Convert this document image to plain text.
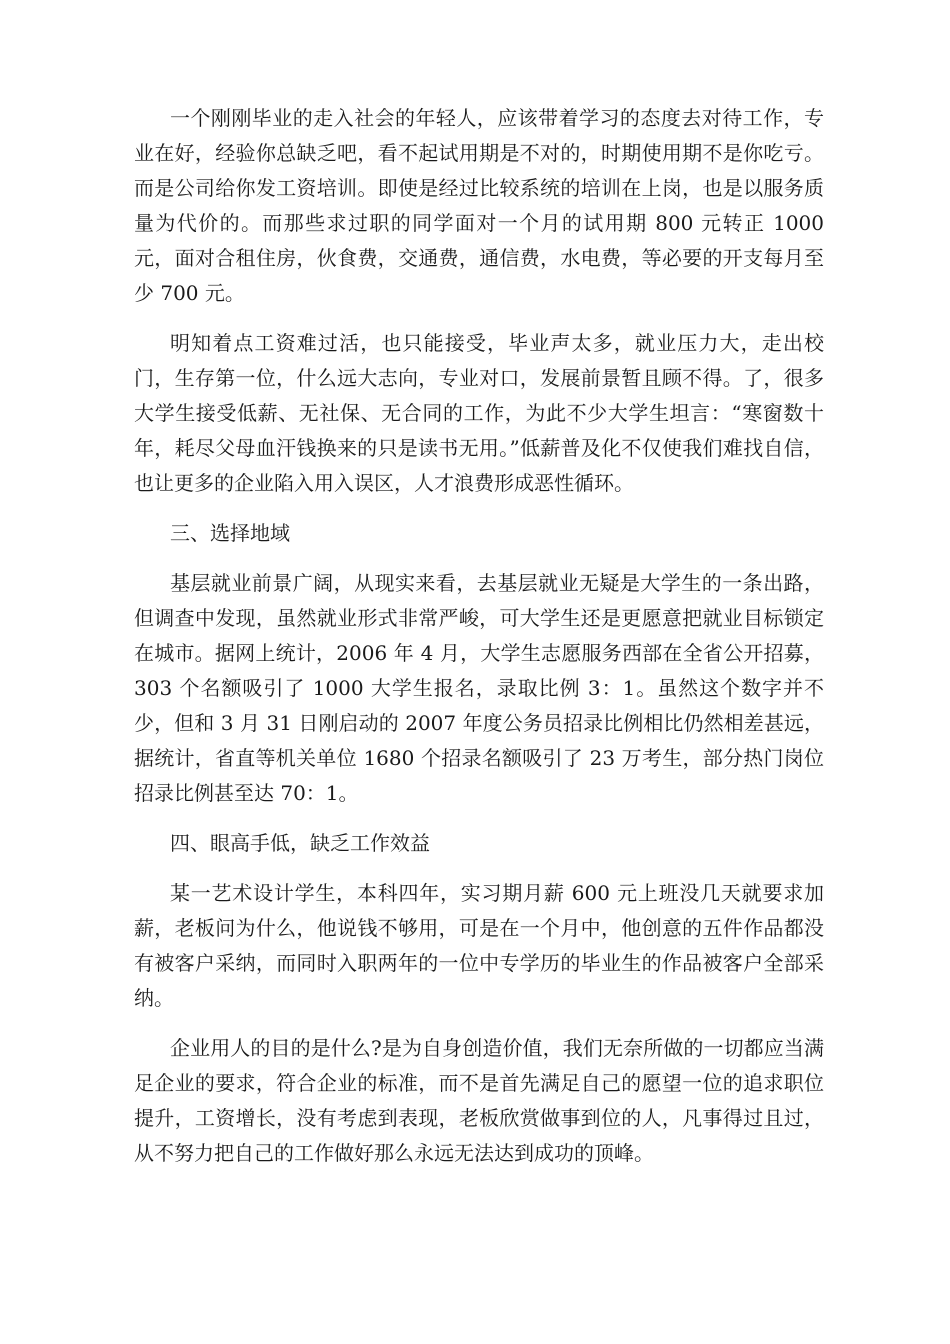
一个刚刚毕业的走入社会的年轻人，应该带着学习的态度去对待工作，专业在好，经验你总缺乏吧，看不起试用期是不对的，时期使用期不是你吃亏。而是公司给你发工资培训。即使是经过比较系统的培训在上岗，也是以服务质量为代价的。而那些求过职的同学面对一个月的试用期 800 元转正 1000 元，面对合租住房，伙食费，交通费，通信费，水电费，等必要的开支每月至少 700 元。

明知着点工资难过活，也只能接受，毕业声太多，就业压力大，走出校门，生存第一位，什么远大志向，专业对口，发展前景暂且顾不得。了，很多大学生接受低薪、无社保、无合同的工作，为此不少大学生坦言：“寒窗数十年，耗尽父母血汗钱换来的只是读书无用。”低薪普及化不仅使我们难找自信，也让更多的企业陷入用入误区，人才浪费形成恶性循环。

三、选择地域

基层就业前景广阔，从现实来看，去基层就业无疑是大学生的一条出路，但调查中发现，虽然就业形式非常严峻，可大学生还是更愿意把就业目标锁定在城市。据网上统计，2006 年 4 月，大学生志愿服务西部在全省公开招募，303 个名额吸引了 1000 大学生报名，录取比例 3：1。虽然这个数字并不少，但和 3 月 31 日刚启动的 2007 年度公务员招录比例相比仍然相差甚远，据统计，省直等机关单位 1680 个招录名额吸引了 23 万考生，部分热门岗位招录比例甚至达 70：1。

四、眼高手低，缺乏工作效益

某一艺术设计学生，本科四年，实习期月薪 600 元上班没几天就要求加薪，老板问为什么，他说钱不够用，可是在一个月中，他创意的五件作品都没有被客户采纳，而同时入职两年的一位中专学历的毕业生的作品被客户全部采纳。

企业用人的目的是什么?是为自身创造价值，我们无奈所做的一切都应当满足企业的要求，符合企业的标准，而不是首先满足自己的愿望一位的追求职位提升，工资增长，没有考虑到表现，老板欣赏做事到位的人，凡事得过且过，从不努力把自己的工作做好那么永远无法达到成功的顶峰。
